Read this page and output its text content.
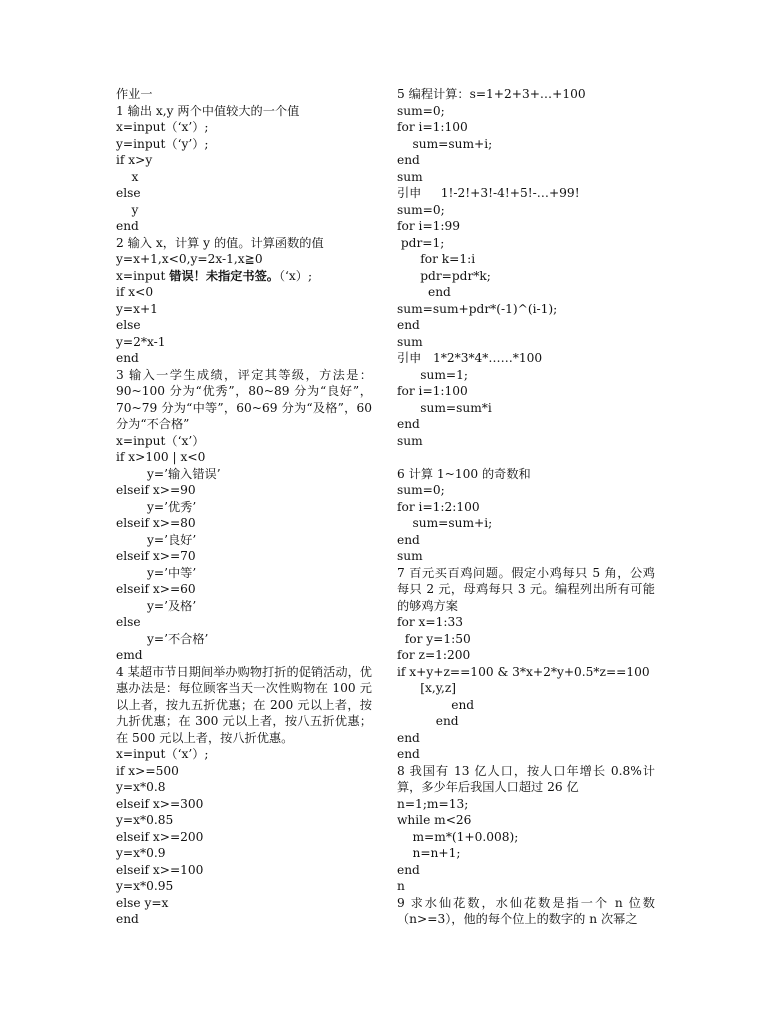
作业一
1 输出 x,y 两个中值较大的一个值
x=input（‘x’）;
y=input（‘y’）;
if x>y
x
else
y
end
2 输入 x，计算 y 的值。计算函数的值
y=x+1,x<0,y=2x-1,x≧0
x=input 错误！未指定书签。（‘x）;
if x<0
y=x+1
else
y=2*x-1
end
3 输入一学生成绩，评定其等级，方法是：90~100 分为“优秀”，80~89 分为“良好”，70~79 分为“中等”，60~69 分为“及格”，60 分为“不合格”
x=input（‘x’）
if x>100 | x<0
y=’输入错误’
elseif x>=90
y=’优秀’
elseif x>=80
y=’良好’
elseif x>=70
y=’中等’
elseif x>=60
y=’及格’
else
y=’不合格’
emd
4 某超市节日期间举办购物打折的促销活动，优惠办法是：每位顾客当天一次性购物在 100 元以上者，按九五折优惠；在 200 元以上者，按九折优惠；在 300 元以上者，按八五折优惠；在 500 元以上者，按八折优惠。
x=input（‘x’）;
if x>=500
y=x*0.8
elseif x>=300
y=x*0.85
elseif x>=200
y=x*0.9
elseif x>=100
y=x*0.95
else y=x
end
5 编程计算：s=1+2+3+…+100
sum=0;
for i=1:100
sum=sum+i;
end
sum
引申     1!-2!+3!-4!+5!-…+99!
sum=0;
for i=1:99
pdr=1;
for k=1:i
pdr=pdr*k;
end
sum=sum+pdr*(-1)^(i-1);
end
sum
引申   1*2*3*4*……*100
sum=1;
for i=1:100
sum=sum*i
end
sum
6 计算 1~100 的奇数和
sum=0;
for i=1:2:100
sum=sum+i;
end
sum
7 百元买百鸡问题。假定小鸡每只 5 角，公鸡每只 2 元，母鸡每只 3 元。编程列出所有可能的够鸡方案
for x=1:33
for y=1:50
for z=1:200
if x+y+z==100 & 3*x+2*y+0.5*z==100
[x,y,z]
end
end
end
end
8 我国有 13 亿人口，按人口年增长 0.8%计算，多少年后我国人口超过 26 亿
n=1;m=13;
while m<26
m=m*(1+0.008);
n=n+1;
end
n
9 求水仙花数，水仙花数是指一个 n 位数（n>=3），他的每个位上的数字的 n 次幂之
